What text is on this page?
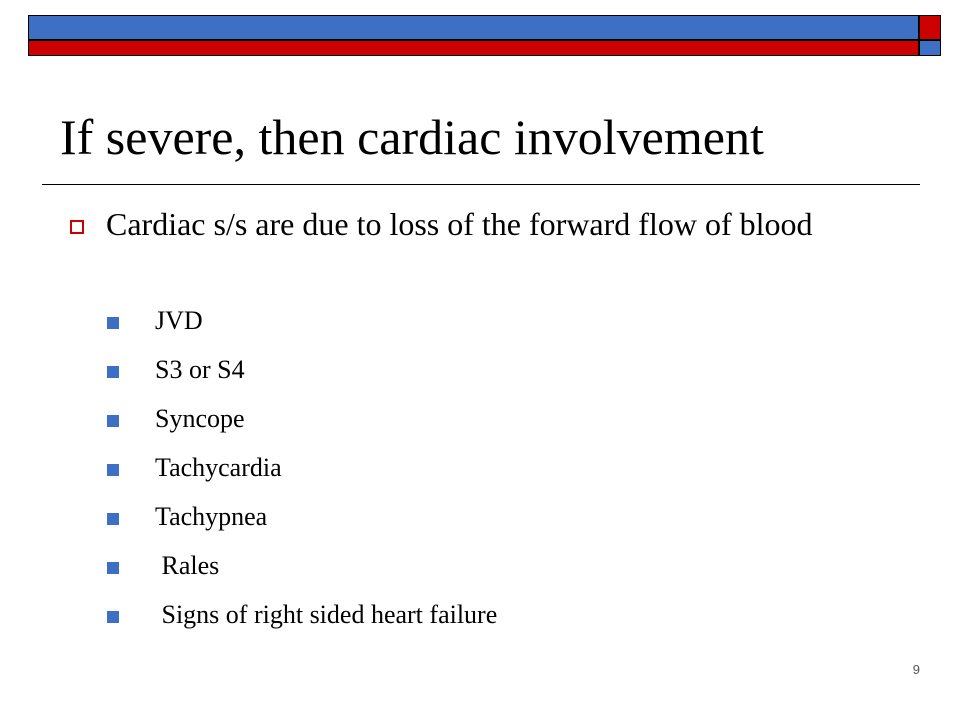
If severe, then cardiac involvement
Cardiac s/s are due to loss of the forward flow of blood
JVD
S3 or S4
Syncope
Tachycardia
Tachypnea
Rales
Signs of right sided heart failure
9
